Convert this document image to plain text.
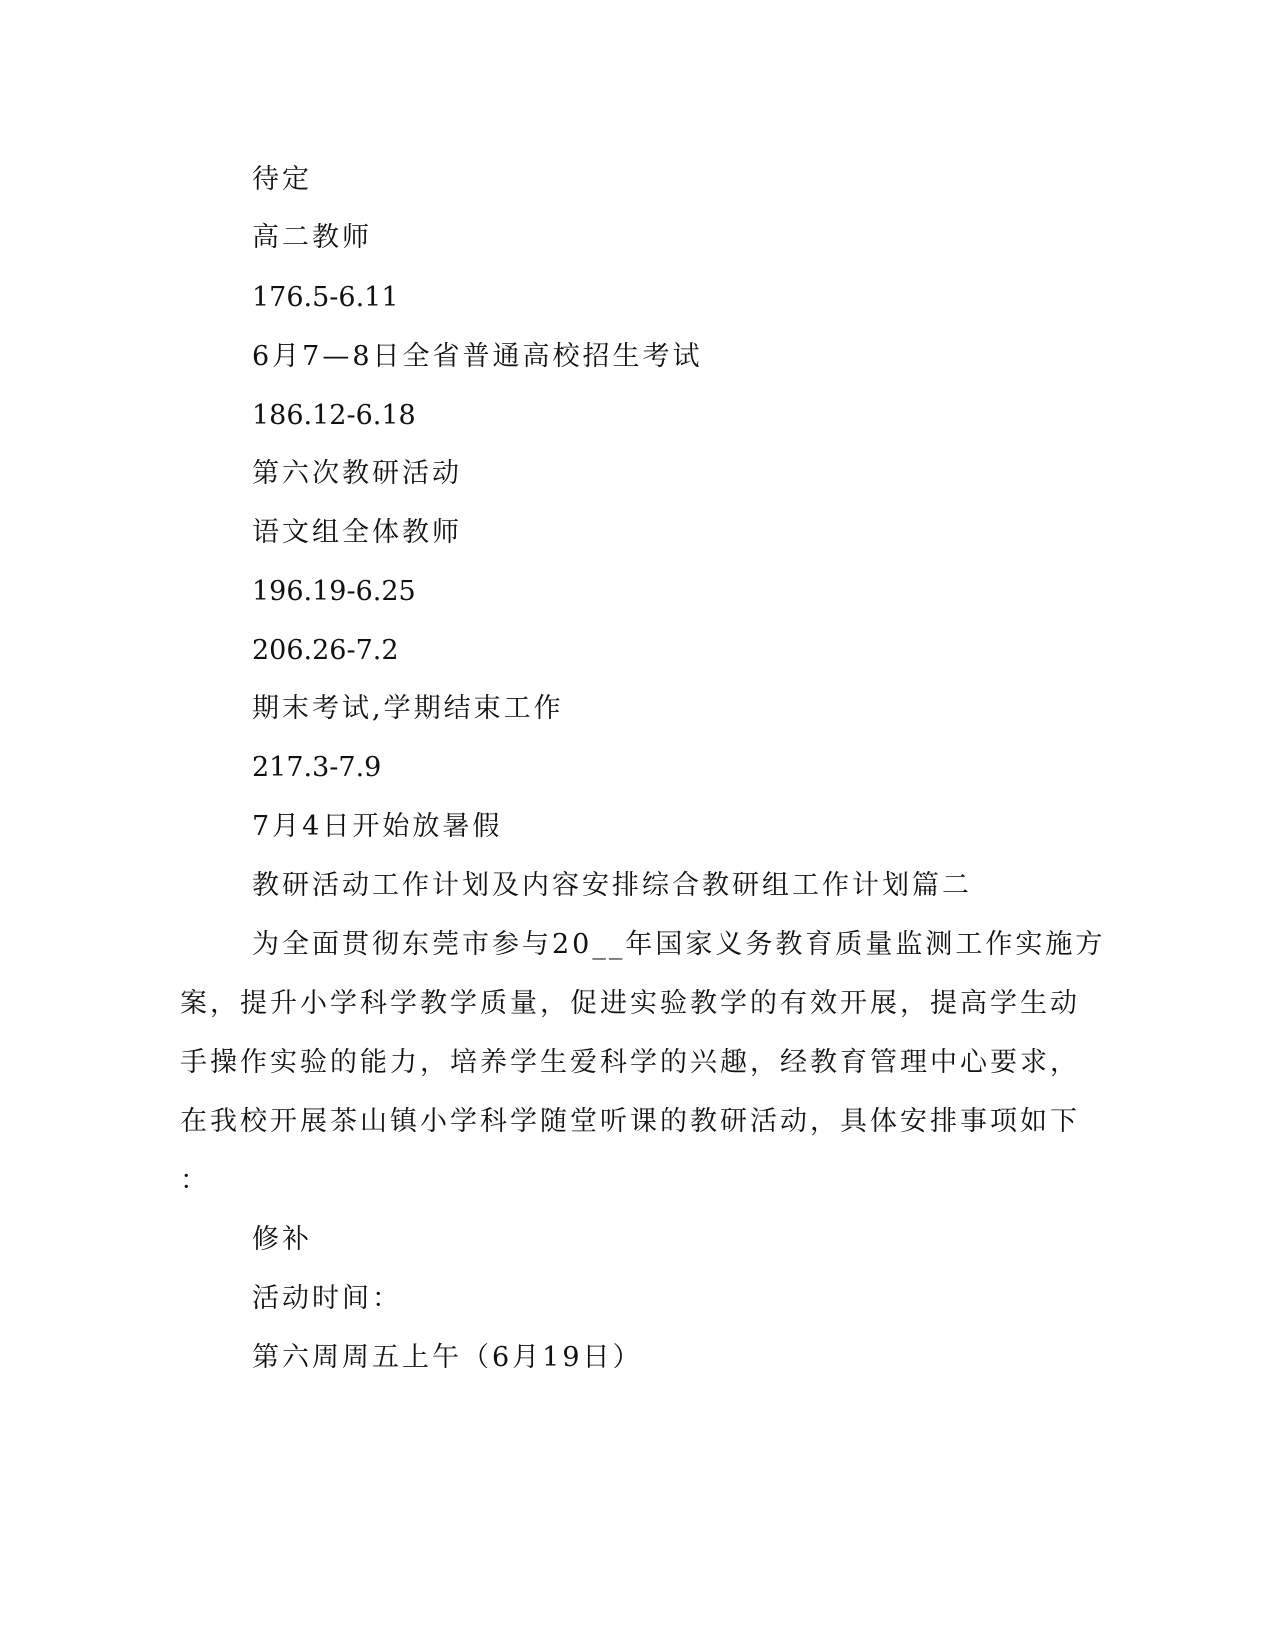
待定
高二教师
176.5-6.11
6月7—8日全省普通高校招生考试
186.12-6.18
第六次教研活动
语文组全体教师
196.19-6.25
206.26-7.2
期末考试,学期结束工作
217.3-7.9
7月4日开始放暑假
教研活动工作计划及内容安排综合教研组工作计划篇二
为全面贯彻东莞市参与20__年国家义务教育质量监测工作实施方
案，提升小学科学教学质量，促进实验教学的有效开展，提高学生动
手操作实验的能力，培养学生爱科学的兴趣，经教育管理中心要求，
在我校开展茶山镇小学科学随堂听课的教研活动，具体安排事项如下
：
修补
活动时间：
第六周周五上午（6月19日）
